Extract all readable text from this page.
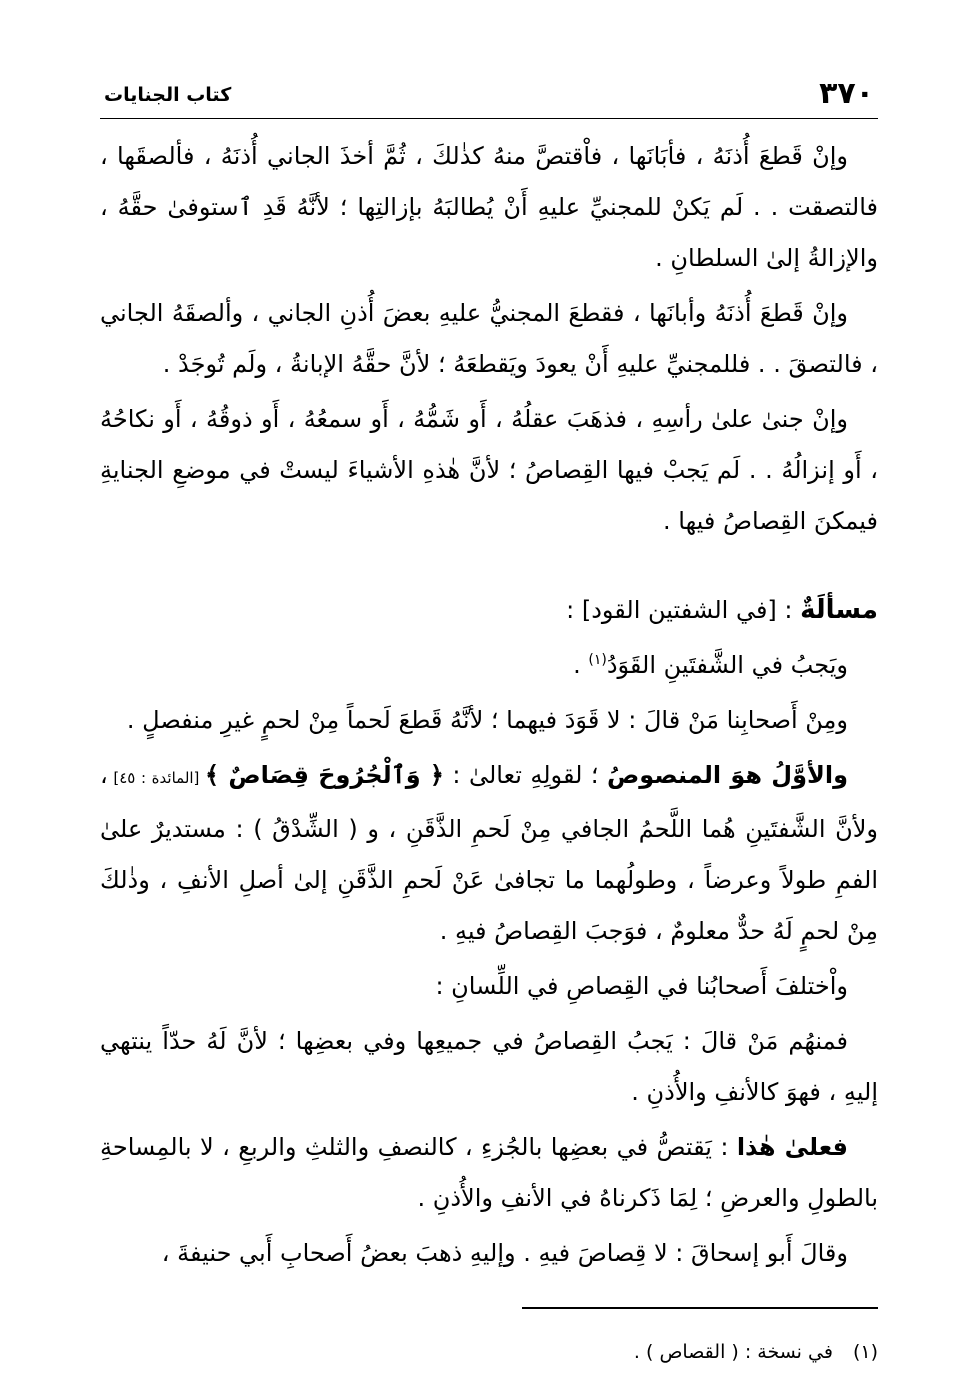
٣٧٠
كتاب الجنايات

وإنْ قَطعَ أُذنَهُ ، فأبَانَها ، فاْقتصَّ منهُ كذٰلكَ ، ثُمَّ أخذَ الجاني أُذنَهُ ، فألصقَها ، فالتصقت . . لَم يَكنْ للمجنيِّ عليهِ أَنْ يُطالبَهُ بإزالتِها ؛ لأنَّهُ قَدِ ٱستوفىٰ حقَّهُ ، والإزالةُ إلىٰ السلطانِ .

وإنْ قَطعَ أُذنَهُ وأبانَها ، فقطعَ المجنيُّ عليهِ بعضَ أُذنِ الجاني ، وألصقَهُ الجاني ، فالتصقَ . . فللمجنيِّ عليهِ أَنْ يعودَ ويَقطعَهُ ؛ لأنَّ حقَّهُ الإبانةُ ، ولَم تُوجَدْ .

وإنْ جنىٰ علىٰ رأسِهِ ، فذهَبَ عقلُهُ ، أَو شَمُّهُ ، أَو سمعُهُ ، أَو ذوقُهُ ، أَو نكاحُهُ ، أَو إنزالُهُ . . لَم يَجبْ فيها القِصاصُ ؛ لأنَّ هٰذهِ الأشياءَ ليستْ في موضعِ الجنايةِ فيمكنَ القِصاصُ فيها .

مسألَةٌ : [في الشفتين القود] :

ويَجبُ في الشَّفتَينِ القَوَدُ$^{(١)}$ .

ومِنْ أَصحابِنا مَنْ قالَ : لا قَوَدَ فيهما ؛ لأنَّهُ قَطعَ لَحماً مِنْ لحمٍ غيرِ منفصلٍ .

والأوَّلُ هوَ المنصوصُ ؛ لقولِهِ تعالىٰ : ﴿ وَٱلْجُرُوحَ قِصَاصٌ ﴾ [المائدة : ٤٥] ، ولأنَّ الشَّفتَينِ هُما اللَّحمُ الجافي مِنْ لَحمِ الذَّقَنِ ، و ( الشِّدْقُ ) : مستديرٌ علىٰ الفمِ طولاً وعرضاً ، وطولُهما ما تجافىٰ عَنْ لَحمِ الذَّقَنِ إلىٰ أصلِ الأنفِ ، وذٰلكَ مِنْ لحمٍ لَهُ حدٌّ معلومٌ ، فوَجبَ القِصاصُ فيهِ .

واْختلفَ أَصحابُنا في القِصاصِ في اللِّسانِ :

فمنهُم مَنْ قالَ : يَجبُ القِصاصُ في جميعِها وفي بعضِها ؛ لأنَّ لَهُ حدّاً ينتهي إليهِ ، فهوَ كالأنفِ والأُذنِ .

فعلىٰ هٰذا : يَقتصُّ في بعضِها بالجُزءِ ، كالنصفِ والثلثِ والربعِ ، لا بالمِساحةِ بالطولِ والعرضِ ؛ لِمَا ذَكرناهُ في الأنفِ والأُذنِ .

وقالَ أَبو إسحاقَ : لا قِصاصَ فيهِ . وإليهِ ذهبَ بعضُ أَصحابِ أَبي حنيفةَ ،

(١)في نسخة : ( القصاص ) .
